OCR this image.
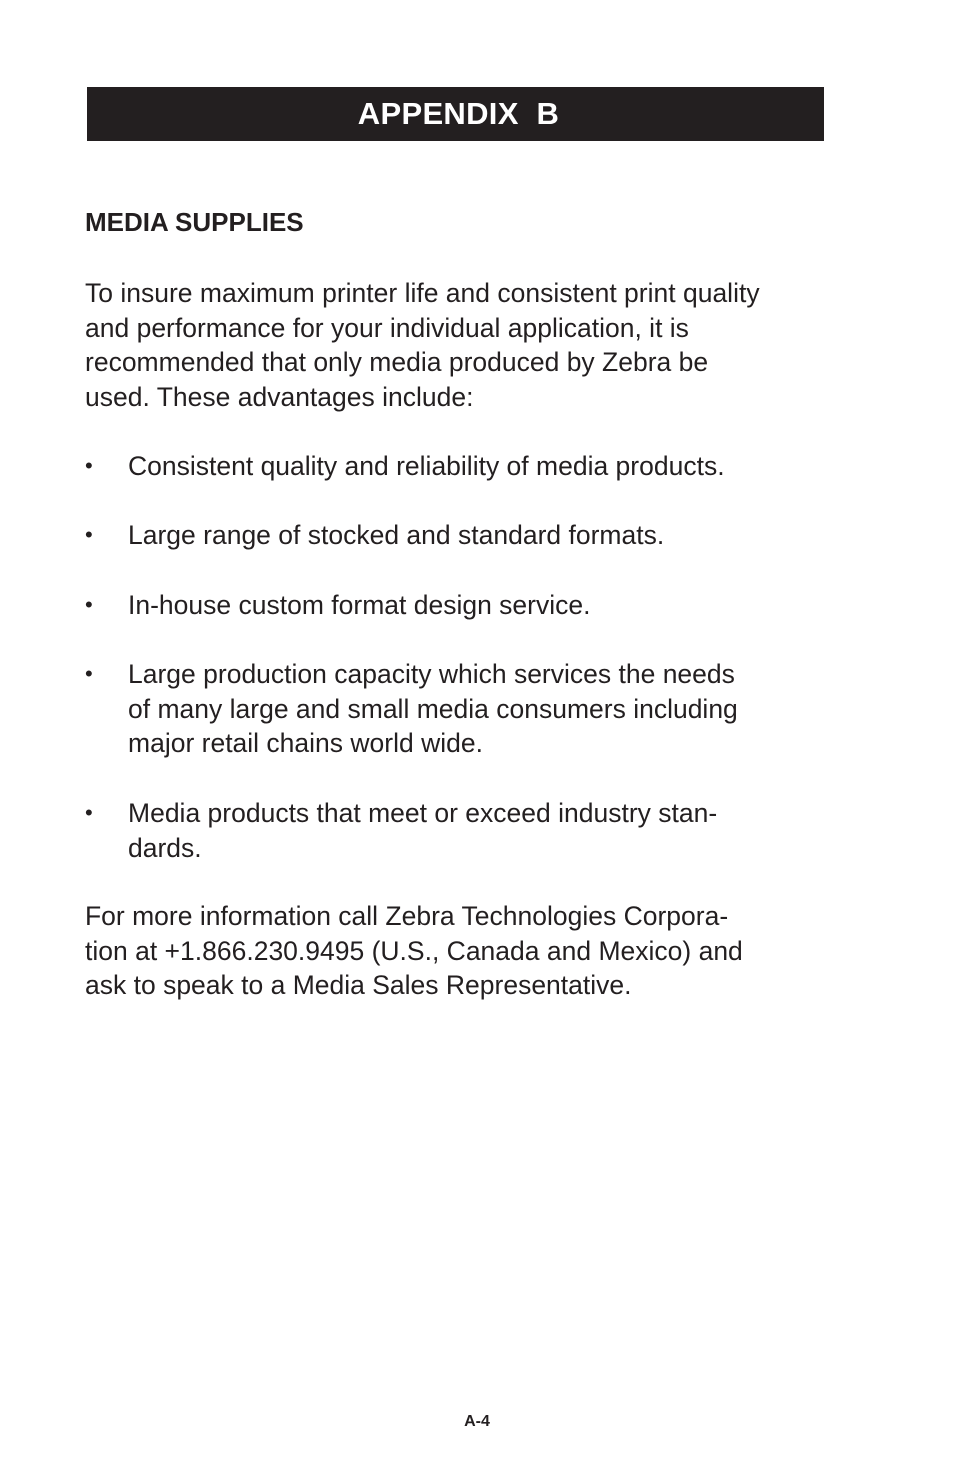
APPENDIX  B
MEDIA SUPPLIES

To insure maximum printer life and consistent print quality
and performance for your individual application, it is
recommended that only media produced by Zebra be
used. These advantages include:

•	Consistent quality and reliability of media products.
•	Large range of stocked and standard formats.
•	In-house custom format design service.
•	Large production capacity which services the needs
of many large and small media consumers including
major retail chains world wide.
•	Media products that meet or exceed industry stan-
dards.

For more information call Zebra Technologies Corpora-
tion at +1.866.230.9495 (U.S., Canada and Mexico) and
ask to speak to a Media Sales Representative.

A-4
